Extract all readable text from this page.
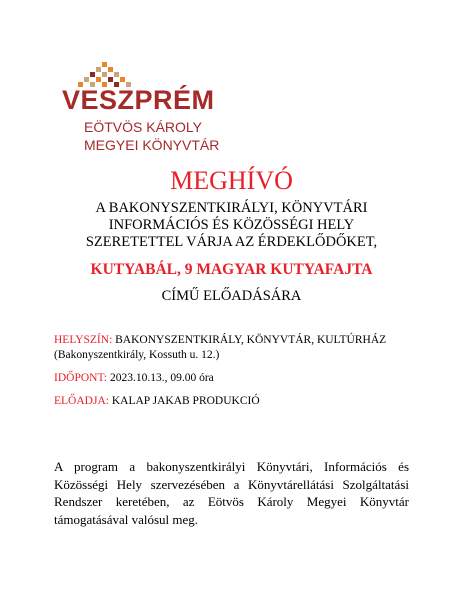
VESZPRÉM
EÖTVÖS KÁROLY
MEGYEI KÖNYVTÁR
MEGHÍVÓ
A BAKONYSZENTKIRÁLYI, KÖNYVTÁRI
INFORMÁCIÓS ÉS KÖZÖSSÉGI HELY
SZERETETTEL VÁRJA AZ ÉRDEKLŐDŐKET,
KUTYABÁL, 9 MAGYAR KUTYAFAJTA
CÍMŰ ELŐADÁSÁRA
HELYSZÍN: BAKONYSZENTKIRÁLY, KÖNYVTÁR, KULTÚRHÁZ
(Bakonyszentkirály, Kossuth u. 12.)
IDŐPONT: 2023.10.13., 09.00 óra
ELŐADJA: KALAP JAKAB PRODUKCIÓ
A program a bakonyszentkirályi Könyvtári, Információs és Közösségi Hely szervezésében a Könyvtárellátási Szolgáltatási Rendszer keretében, az Eötvös Károly Megyei Könyvtár támogatásával valósul meg.
